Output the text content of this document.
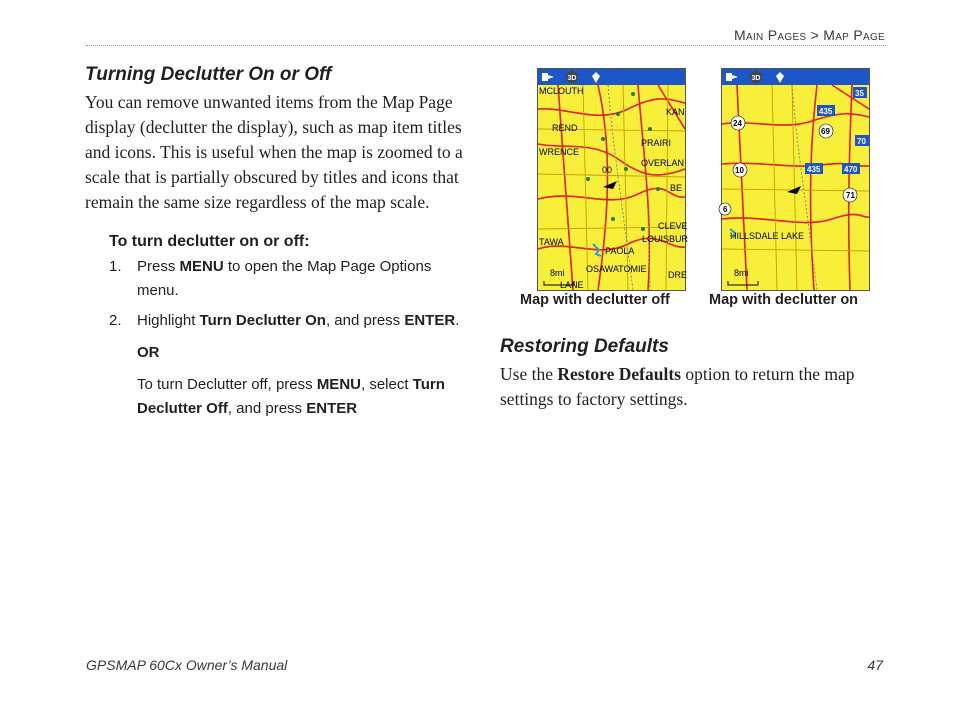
Main Pages > Map Page
Turning Declutter On or Off

You can remove unwanted items from the Map Page display (declutter the display), such as map item titles and icons. This is useful when the map is zoomed to a scale that is partially obscured by titles and icons that remain the same size regardless of the map scale.

To turn declutter on or off:
1.	Press MENU to open the Map Page Options menu.
2.	Highlight Turn Declutter On, and press ENTER.
OR
To turn Declutter off, press MENU, select Turn Declutter Off, and press ENTER
3D
MCLOUTH
KAN
REND
PRAIRI
WRENCE
OVERLAN
00
BE
CLEVE
LOUISBUR
TAWA
PAOLA
OSAWATOMIE
DRE
LANE
8mi
Map with declutter off
3D
435
35
24
69
70
10	435	470
71
6
HILLSDALE LAKE
8mi
Map with declutter on
Restoring Defaults

Use the Restore Defaults option to return the map settings to factory settings.

GPSMAP 60Cx Owner’s Manual	47
